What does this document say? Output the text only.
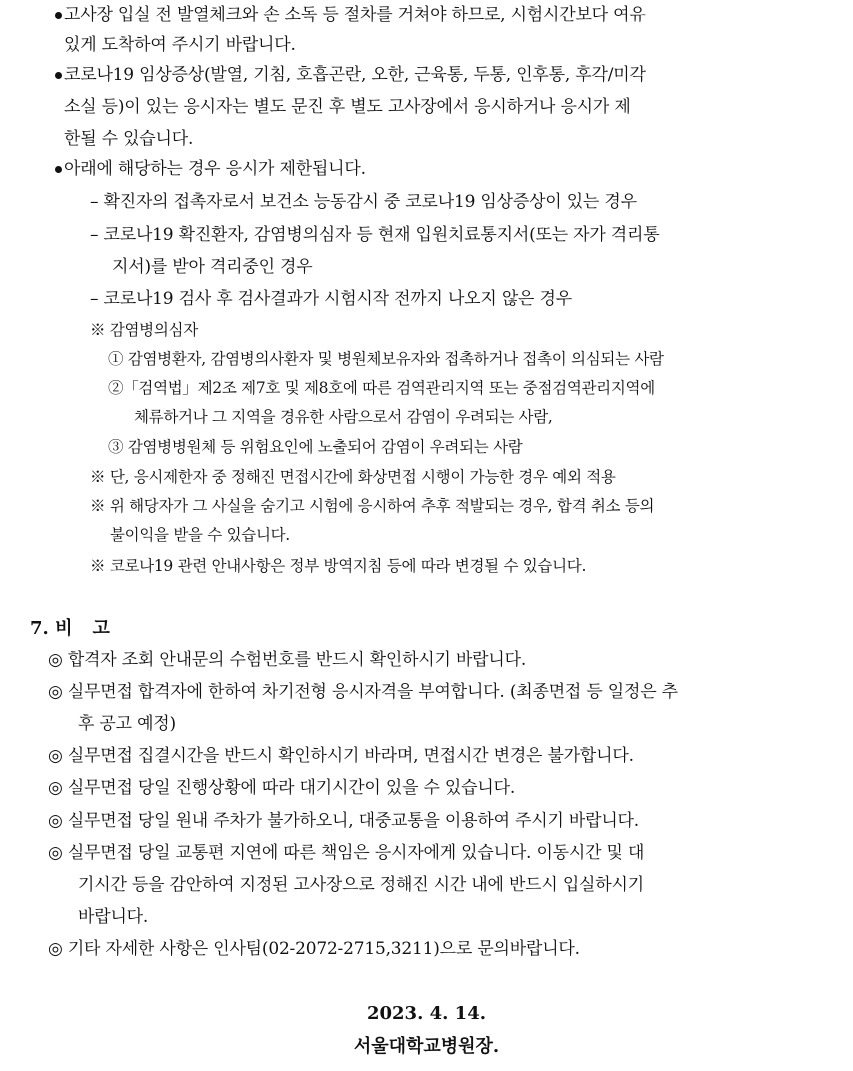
고사장 입실 전 발열체크와 손 소독 등 절차를 거쳐야 하므로, 시험시간보다 여유
있게 도착하여 주시기 바랍니다.
코로나19 임상증상(발열, 기침, 호흡곤란, 오한, 근육통, 두통, 인후통, 후각/미각
소실 등)이 있는 응시자는 별도 문진 후 별도 고사장에서 응시하거나 응시가 제
한될 수 있습니다.
아래에 해당하는 경우 응시가 제한됩니다.
– 확진자의 접촉자로서 보건소 능동감시 중 코로나19 임상증상이 있는 경우
– 코로나19 확진환자, 감염병의심자 등 현재 입원치료통지서(또는 자가 격리통
지서)를 받아 격리중인 경우
– 코로나19 검사 후 검사결과가 시험시작 전까지 나오지 않은 경우
※ 감염병의심자
① 감염병환자, 감염병의사환자 및 병원체보유자와 접촉하거나 접촉이 의심되는 사람
②「검역법」제2조 제7호 및 제8호에 따른 검역관리지역 또는 중점검역관리지역에
체류하거나 그 지역을 경유한 사람으로서 감염이 우려되는 사람,
③ 감염병병원체 등 위험요인에 노출되어 감염이 우려되는 사람
※ 단, 응시제한자 중 정해진 면접시간에 화상면접 시행이 가능한 경우 예외 적용
※ 위 해당자가 그 사실을 숨기고 시험에 응시하여 추후 적발되는 경우, 합격 취소 등의
불이익을 받을 수 있습니다.
※ 코로나19 관련 안내사항은 정부 방역지침 등에 따라 변경될 수 있습니다.
7. 비 고
◎ 합격자 조회 안내문의 수험번호를 반드시 확인하시기 바랍니다.
◎ 실무면접 합격자에 한하여 차기전형 응시자격을 부여합니다. (최종면접 등 일정은 추
후 공고 예정)
◎ 실무면접 집결시간을 반드시 확인하시기 바라며, 면접시간 변경은 불가합니다.
◎ 실무면접 당일 진행상황에 따라 대기시간이 있을 수 있습니다.
◎ 실무면접 당일 원내 주차가 불가하오니, 대중교통을 이용하여 주시기 바랍니다.
◎ 실무면접 당일 교통편 지연에 따른 책임은 응시자에게 있습니다. 이동시간 및 대
기시간 등을 감안하여 지정된 고사장으로 정해진 시간 내에 반드시 입실하시기
바랍니다.
◎ 기타 자세한 사항은 인사팀(02-2072-2715,3211)으로 문의바랍니다.
2023. 4. 14.
서울대학교병원장.
